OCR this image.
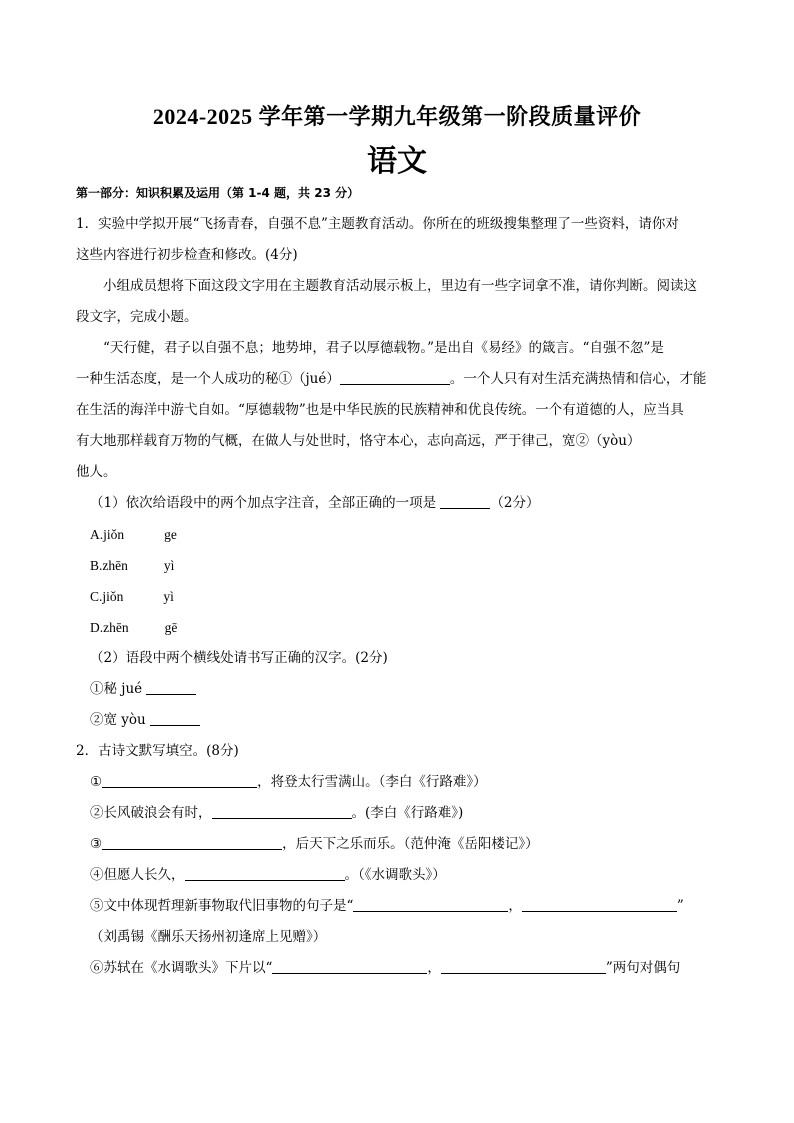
2024-2025 学年第一学期九年级第一阶段质量评价
语文
第一部分：知识积累及运用（第 1-4 题，共 23 分）

1．实验中学拟开展“飞扬青春，自强不息”主题教育活动。你所在的班级搜集整理了一些资料，请你对

这些内容进行初步检查和修改。(4分)

小组成员想将下面这段文字用在主题教育活动展示板上，里边有一些字词拿不准，请你判断。阅读这

段文字，完成小题。

“天行健，君子以自强不息；地势坤，君子以厚德载物。”是出自《易经》的箴言。“自强不忽”是

一种生活态度，是一个人成功的秘①（jué）	。一个人只有对生活充满热情和信心，才能

在生活的海洋中游弋自如。“厚德载物”也是中华民族的民族精神和优良传统。一个有道德的人，应当具

有大地那样载育万物的气概，在做人与处世时，恪守本心，志向高远，严于律己，宽②（yòu）

他人。

（1）依次给语段中的两个加点字注音，全部正确的一项是	（2分）

A.jiǒn	ge
B.zhēn	yì
C.jiǒn	yì
D.zhēn	gē

（2）语段中两个横线处请书写正确的汉字。(2分)

①秘 jué

②宽 yòu

2．古诗文默写填空。(8分)

①	，将登太行雪满山。（李白《行路难》）

②长风破浪会有时，	。(李白《行路难》)

③	，后天下之乐而乐。（范仲淹《岳阳楼记》）

④但愿人长久，	。（《水调歌头》）

⑤文中体现哲理新事物取代旧事物的句子是“	，	”

（刘禹锡《酬乐天扬州初逢席上见赠》）

⑥苏轼在《水调歌头》下片以“	，	”两句对偶句
